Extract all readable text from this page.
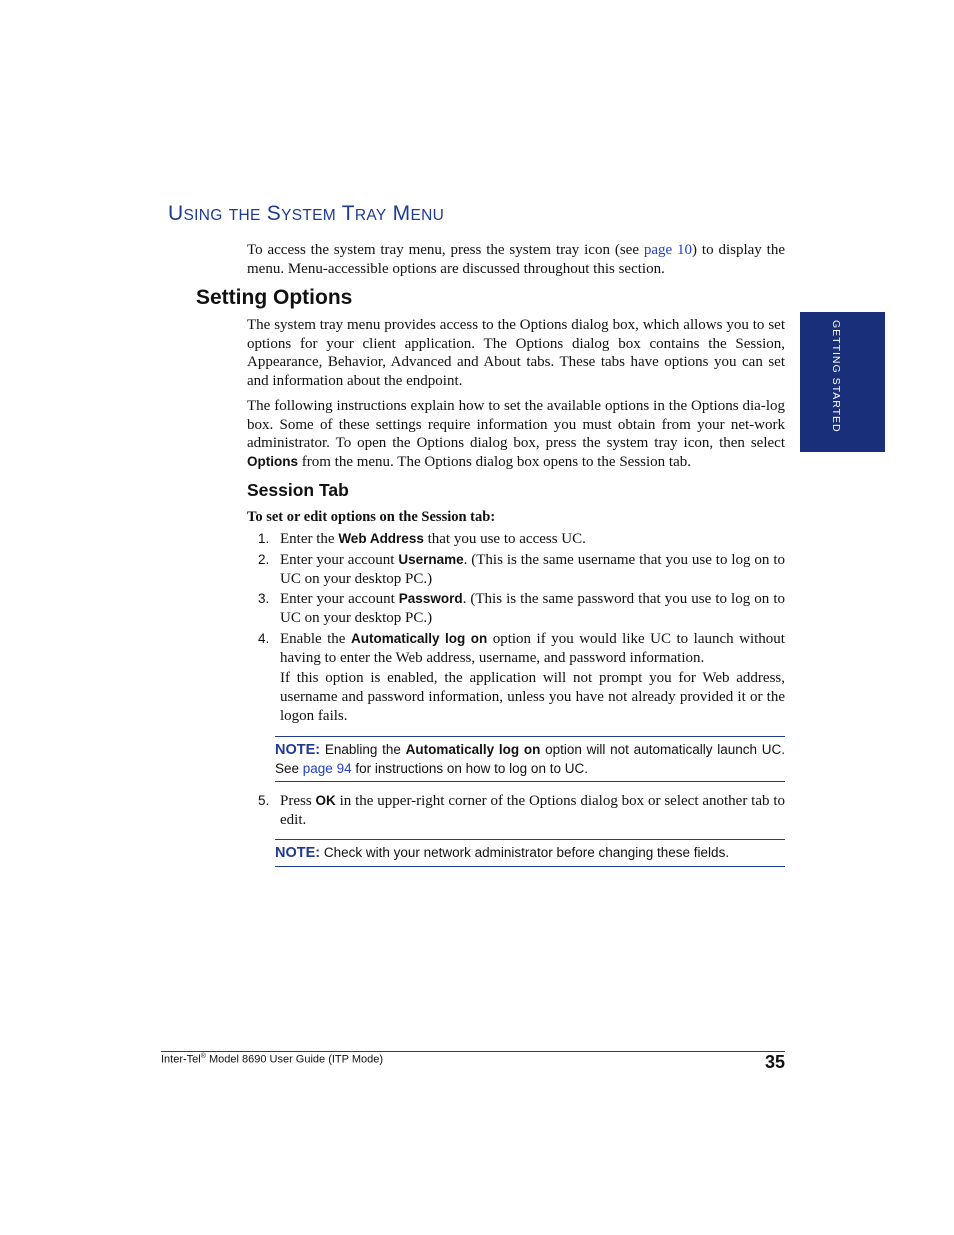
USING THE SYSTEM TRAY MENU
To access the system tray menu, press the system tray icon (see page 10) to display the menu. Menu-accessible options are discussed throughout this section.
Setting Options
The system tray menu provides access to the Options dialog box, which allows you to set options for your client application. The Options dialog box contains the Session, Appearance, Behavior, Advanced and About tabs. These tabs have options you can set and information about the endpoint.
The following instructions explain how to set the available options in the Options dia-log box. Some of these settings require information you must obtain from your net-work administrator. To open the Options dialog box, press the system tray icon, then select Options from the menu. The Options dialog box opens to the Session tab.
Session Tab
To set or edit options on the Session tab:
1. Enter the Web Address that you use to access UC.
2. Enter your account Username. (This is the same username that you use to log on to UC on your desktop PC.)
3. Enter your account Password. (This is the same password that you use to log on to UC on your desktop PC.)
4. Enable the Automatically log on option if you would like UC to launch without having to enter the Web address, username, and password information.
If this option is enabled, the application will not prompt you for Web address, username and password information, unless you have not already provided it or the logon fails.
NOTE: Enabling the Automatically log on option will not automatically launch UC. See page 94 for instructions on how to log on to UC.
5. Press OK in the upper-right corner of the Options dialog box or select another tab to edit.
NOTE: Check with your network administrator before changing these fields.
GETTING STARTED
Inter-Tel® Model 8690 User Guide (ITP Mode)	35
